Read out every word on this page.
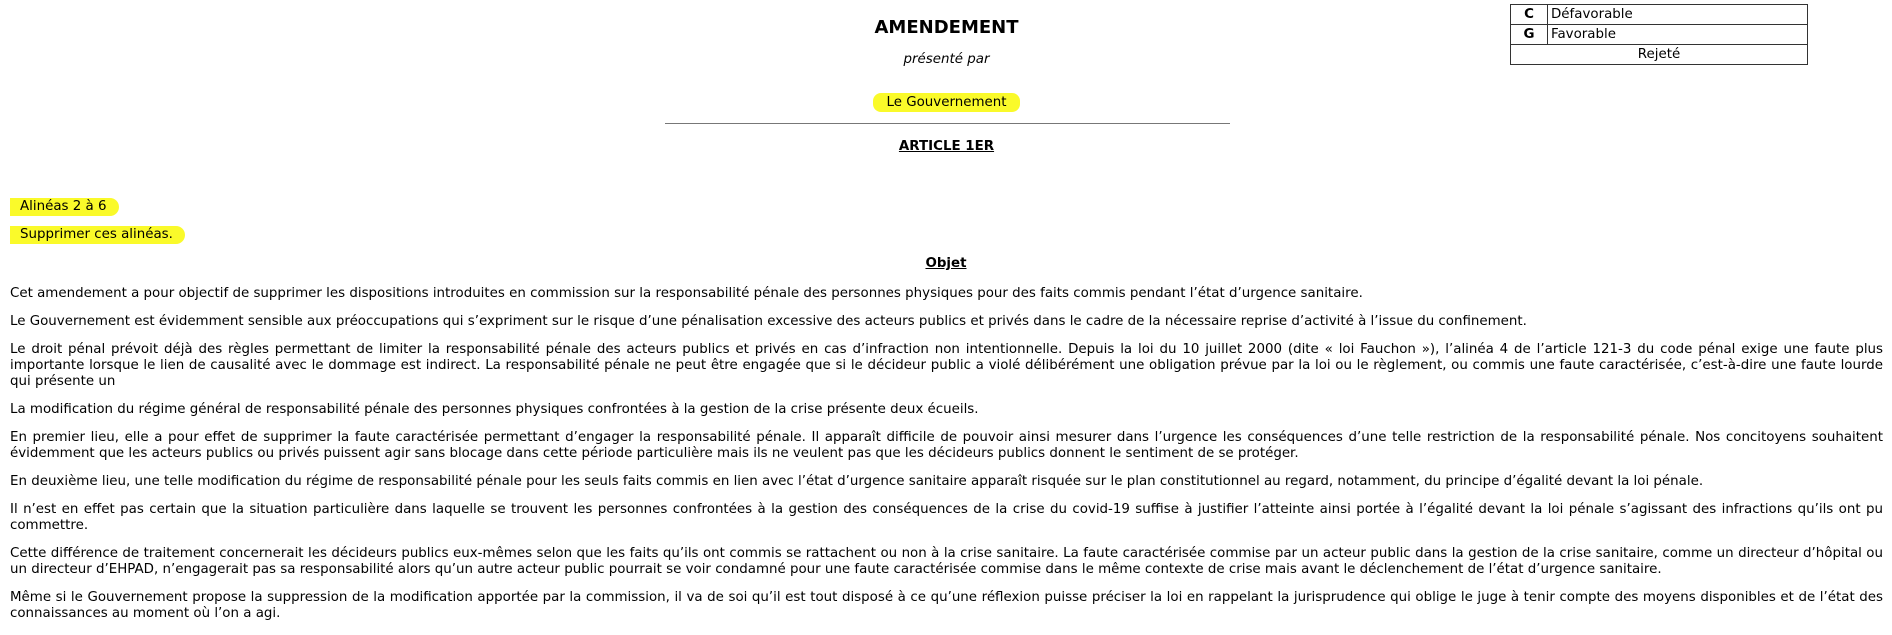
C	Défavorable
G	Favorable
Rejeté	
AMENDEMENT
présenté par
Le Gouvernement
ARTICLE 1ER
Alinéas 2 à 6
Supprimer ces alinéas.
Objet

Cet amendement a pour objectif de supprimer les dispositions introduites en commission sur la responsabilité pénale des personnes physiques pour des faits commis pendant l’état d’urgence sanitaire.

Le Gouvernement est évidemment sensible aux préoccupations qui s’expriment sur le risque d’une pénalisation excessive des acteurs publics et privés dans le cadre de la nécessaire reprise d’activité à l’issue du confinement.

Le droit pénal prévoit déjà des règles permettant de limiter la responsabilité pénale des acteurs publics et privés en cas d’infraction non intentionnelle. Depuis la loi du 10 juillet 2000 (dite « loi Fauchon »), l’alinéa 4 de l’article 121-3 du code pénal exige une faute plus importante lorsque le lien de causalité avec le dommage est indirect. La responsabilité pénale ne peut être engagée que si le décideur public a violé délibérément une obligation prévue par la loi ou le règlement, ou commis une faute caractérisée, c’est-à-dire une faute lourde qui présente un

La modification du régime général de responsabilité pénale des personnes physiques confrontées à la gestion de la crise présente deux écueils.

En premier lieu, elle a pour effet de supprimer la faute caractérisée permettant d’engager la responsabilité pénale. Il apparaît difficile de pouvoir ainsi mesurer dans l’urgence les conséquences d’une telle restriction de la responsabilité pénale. Nos concitoyens souhaitent évidemment que les acteurs publics ou privés puissent agir sans blocage dans cette période particulière mais ils ne veulent pas que les décideurs publics donnent le sentiment de se protéger.

En deuxième lieu, une telle modification du régime de responsabilité pénale pour les seuls faits commis en lien avec l’état d’urgence sanitaire apparaît risquée sur le plan constitutionnel au regard, notamment, du principe d’égalité devant la loi pénale.

Il n’est en effet pas certain que la situation particulière dans laquelle se trouvent les personnes confrontées à la gestion des conséquences de la crise du covid-19 suffise à justifier l’atteinte ainsi portée à l’égalité devant la loi pénale s’agissant des infractions qu’ils ont pu commettre.

Cette différence de traitement concernerait les décideurs publics eux-mêmes selon que les faits qu’ils ont commis se rattachent ou non à la crise sanitaire. La faute caractérisée commise par un acteur public dans la gestion de la crise sanitaire, comme un directeur d’hôpital ou un directeur d’EHPAD, n’engagerait pas sa responsabilité alors qu’un autre acteur public pourrait se voir condamné pour une faute caractérisée commise dans le même contexte de crise mais avant le déclenchement de l’état d’urgence sanitaire.

Même si le Gouvernement propose la suppression de la modification apportée par la commission, il va de soi qu’il est tout disposé à ce qu’une réflexion puisse préciser la loi en rappelant la jurisprudence qui oblige le juge à tenir compte des moyens disponibles et de l’état des connaissances au moment où l’on a agi.
